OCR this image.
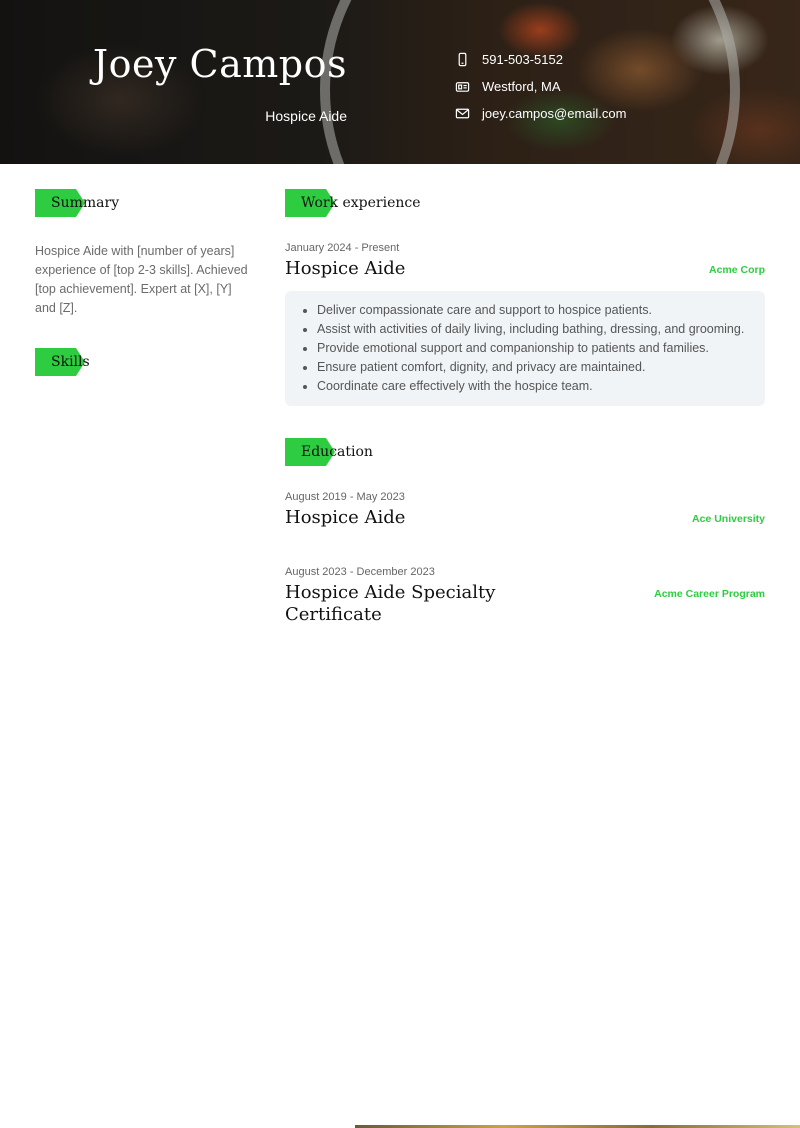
Joey Campos
Hospice Aide
591-503-5152
Westford, MA
joey.campos@email.com
Summary
Hospice Aide with [number of years] experience of [top 2-3 skills]. Achieved [top achievement]. Expert at [X], [Y] and [Z].
Skills
Work experience
January 2024 - Present
Hospice Aide	Acme Corp
• Deliver compassionate care and support to hospice patients.
• Assist with activities of daily living, including bathing, dressing, and grooming.
• Provide emotional support and companionship to patients and families.
• Ensure patient comfort, dignity, and privacy are maintained.
• Coordinate care effectively with the hospice team.
Education
August 2019 - May 2023
Hospice Aide	Ace University
August 2023 - December 2023
Hospice Aide Specialty Certificate
Acme Career Program
